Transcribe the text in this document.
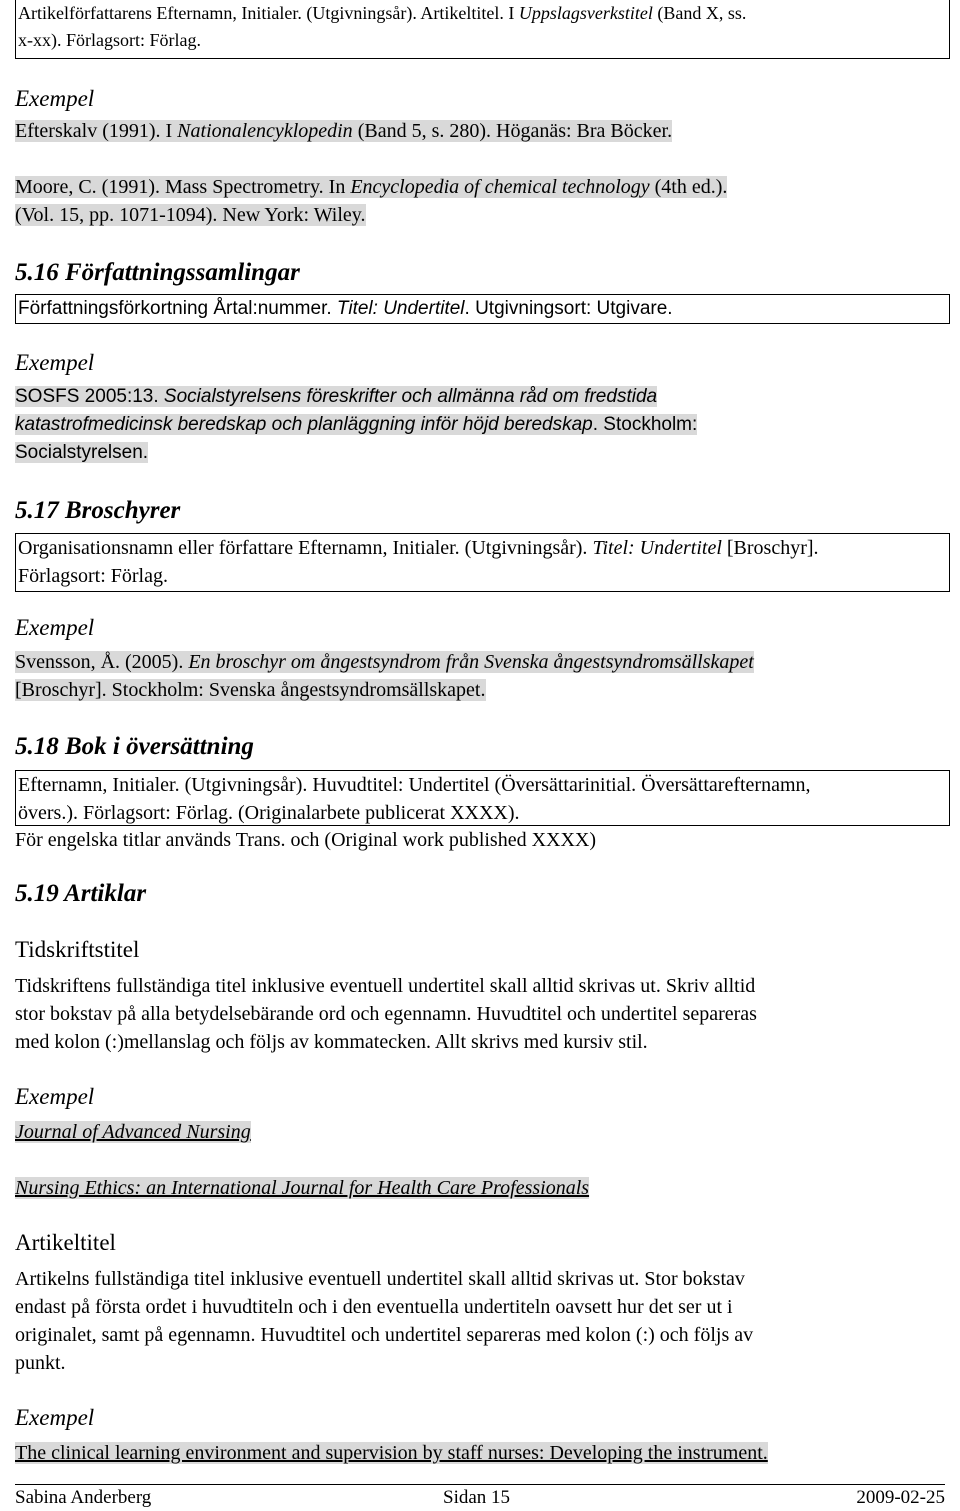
Artikelförfattarens Efternamn, Initialer. (Utgivningsår). Artikeltitel. I Uppslagsverkstitel (Band X, ss.
x-xx). Förlagsort: Förlag.
Exempel
Efterskalv (1991). I Nationalencyklopedin (Band 5, s. 280). Höganäs: Bra Böcker.
Moore, C. (1991). Mass Spectrometry. In Encyclopedia of chemical technology (4th ed.).
(Vol. 15, pp. 1071-1094). New York: Wiley.
5.16 Författningssamlingar
Författningsförkortning Årtal:nummer. Titel: Undertitel. Utgivningsort: Utgivare.
Exempel
SOSFS 2005:13. Socialstyrelsens föreskrifter och allmänna råd om fredstida
katastrofmedicinsk beredskap och planläggning inför höjd beredskap. Stockholm:
Socialstyrelsen.
5.17 Broschyrer
Organisationsnamn eller författare Efternamn, Initialer. (Utgivningsår). Titel: Undertitel [Broschyr].
Förlagsort: Förlag.
Exempel
Svensson, Å. (2005). En broschyr om ångestsyndrom från Svenska ångestsyndromsällskapet
[Broschyr]. Stockholm: Svenska ångestsyndromsällskapet.
5.18 Bok i översättning
Efternamn, Initialer. (Utgivningsår). Huvudtitel: Undertitel (Översättarinitial. Översättarefternamn,
övers.). Förlagsort: Förlag. (Originalarbete publicerat XXXX).
För engelska titlar används Trans. och (Original work published XXXX)
5.19 Artiklar
Tidskriftstitel
Tidskriftens fullständiga titel inklusive eventuell undertitel skall alltid skrivas ut. Skriv alltid
stor bokstav på alla betydelsebärande ord och egennamn. Huvudtitel och undertitel separeras
med kolon (:)mellanslag och följs av kommatecken. Allt skrivs med kursiv stil.
Exempel
Journal of Advanced Nursing
Nursing Ethics: an International Journal for Health Care Professionals
Artikeltitel
Artikelns fullständiga titel inklusive eventuell undertitel skall alltid skrivas ut. Stor bokstav
endast på första ordet i huvudtiteln och i den eventuella undertiteln oavsett hur det ser ut i
originalet, samt på egennamn. Huvudtitel och undertitel separeras med kolon (:) och följs av
punkt.
Exempel
The clinical learning environment and supervision by staff nurses: Developing the instrument.
Sabina Anderberg	Sidan 15	2009-02-25
